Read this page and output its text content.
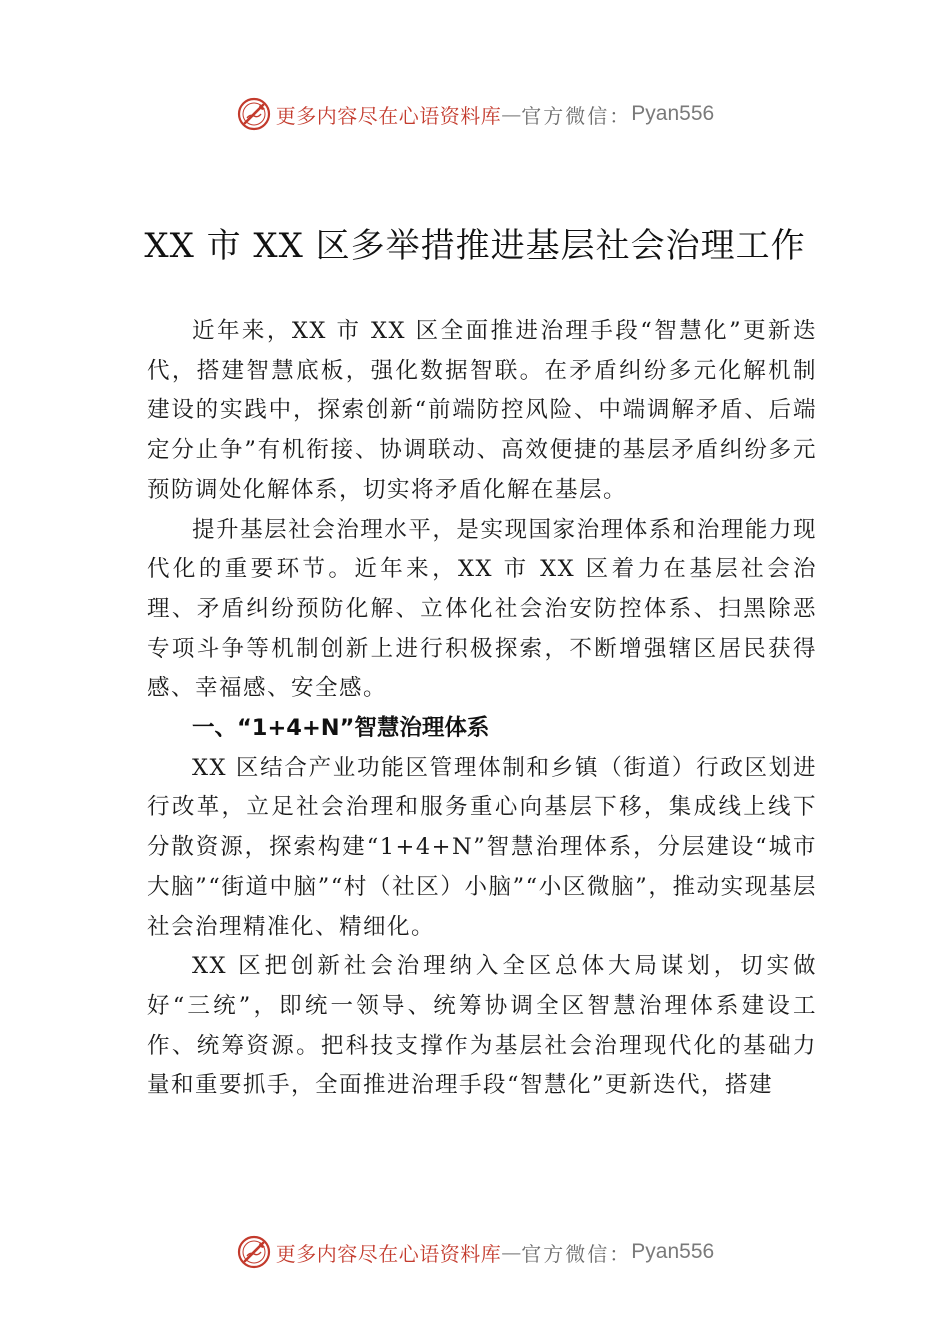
更多内容尽在心语资料库 — 官方微信： Pyan556
XX 市 XX 区多举措推进基层社会治理工作

近年来，XX 市 XX 区全面推进治理手段“智慧化”更新迭代，搭建智慧底板，强化数据智联。在矛盾纠纷多元化解机制建设的实践中，探索创新“前端防控风险、中端调解矛盾、后端定分止争”有机衔接、协调联动、高效便捷的基层矛盾纠纷多元预防调处化解体系，切实将矛盾化解在基层。

提升基层社会治理水平，是实现国家治理体系和治理能力现代化的重要环节。近年来，XX 市 XX 区着力在基层社会治理、矛盾纠纷预防化解、立体化社会治安防控体系、扫黑除恶专项斗争等机制创新上进行积极探索，不断增强辖区居民获得感、幸福感、安全感。

一、“1+4+N”智慧治理体系

XX 区结合产业功能区管理体制和乡镇（街道）行政区划进行改革，立足社会治理和服务重心向基层下移，集成线上线下分散资源，探索构建“1+4+N”智慧治理体系，分层建设“城市大脑”“街道中脑”“村（社区）小脑”“小区微脑”，推动实现基层社会治理精准化、精细化。

XX 区把创新社会治理纳入全区总体大局谋划，切实做好“三统”，即统一领导、统筹协调全区智慧治理体系建设工作、统筹资源。把科技支撑作为基层社会治理现代化的基础力量和重要抓手，全面推进治理手段“智慧化”更新迭代，搭建

更多内容尽在心语资料库 — 官方微信： Pyan556
